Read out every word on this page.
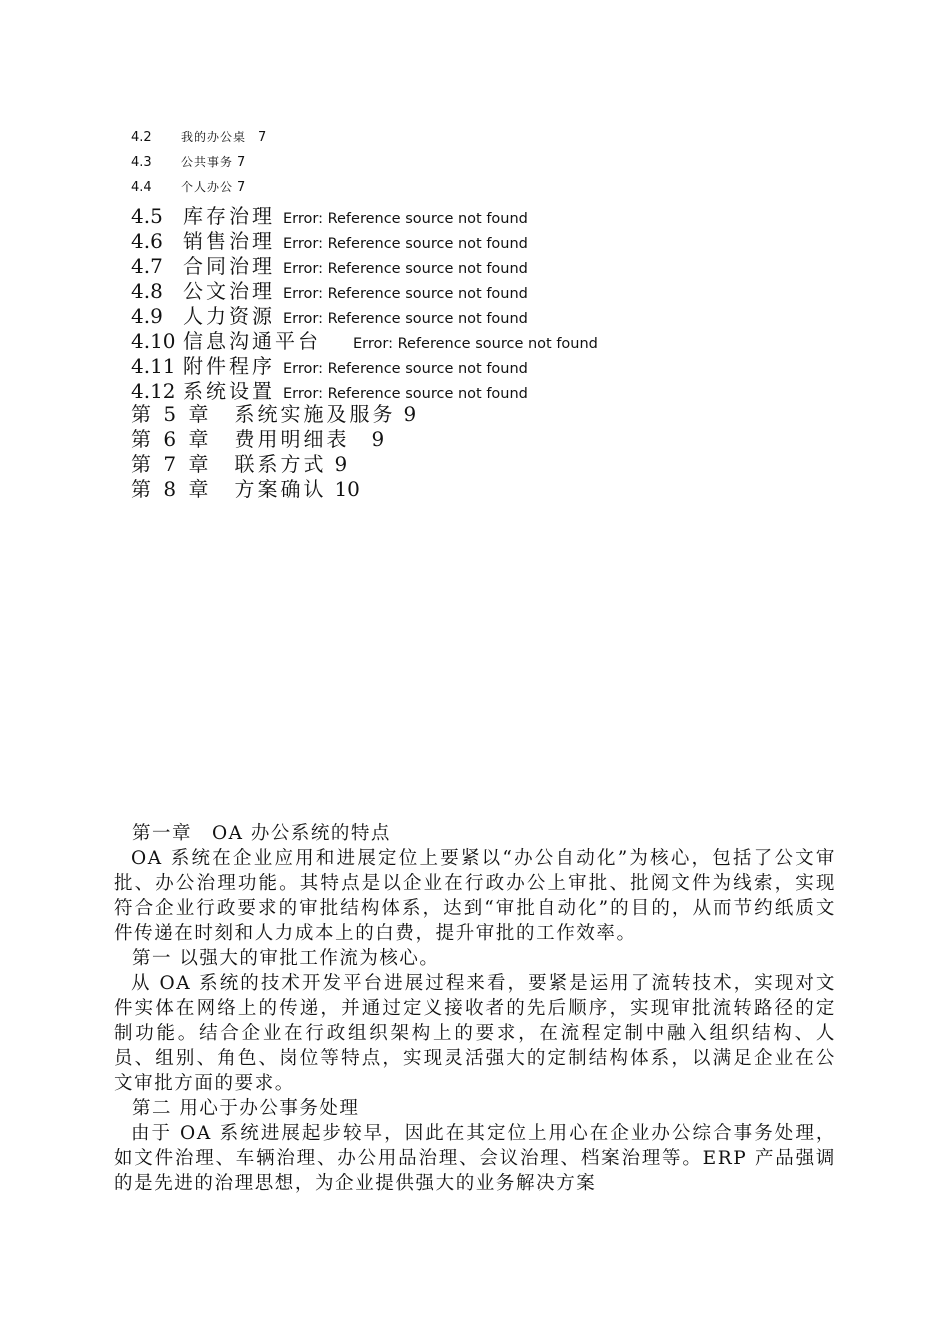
4.2 我的办公桌 7
4.3 公共事务 7
4.4 个人办公 7
4.5 库存治理 Error: Reference source not found
4.6 销售治理 Error: Reference source not found
4.7 合同治理 Error: Reference source not found
4.8 公文治理 Error: Reference source not found
4.9 人力资源 Error: Reference source not found
4.10 信息沟通平台 Error: Reference source not found
4.11 附件程序 Error: Reference source not found
4.12 系统设置 Error: Reference source not found
第 5 章　系统实施及服务 9
第 6 章　费用明细表 9
第 7 章　联系方式 9
第 8 章　方案确认 10

第一章　OA 办公系统的特点

OA 系统在企业应用和进展定位上要紧以“办公自动化”为核心，包括了公文审批、办公治理功能。其特点是以企业在行政办公上审批、批阅文件为线索，实现符合企业行政要求的审批结构体系，达到“审批自动化”的目的，从而节约纸质文件传递在时刻和人力成本上的白费，提升审批的工作效率。

第一 以强大的审批工作流为核心。

从 OA 系统的技术开发平台进展过程来看，要紧是运用了流转技术，实现对文件实体在网络上的传递，并通过定义接收者的先后顺序，实现审批流转路径的定制功能。结合企业在行政组织架构上的要求，在流程定制中融入组织结构、人员、组别、角色、岗位等特点，实现灵活强大的定制结构体系，以满足企业在公文审批方面的要求。

第二 用心于办公事务处理

由于 OA 系统进展起步较早，因此在其定位上用心在企业办公综合事务处理，如文件治理、车辆治理、办公用品治理、会议治理、档案治理等。ERP 产品强调的是先进的治理思想，为企业提供强大的业务解决方案
